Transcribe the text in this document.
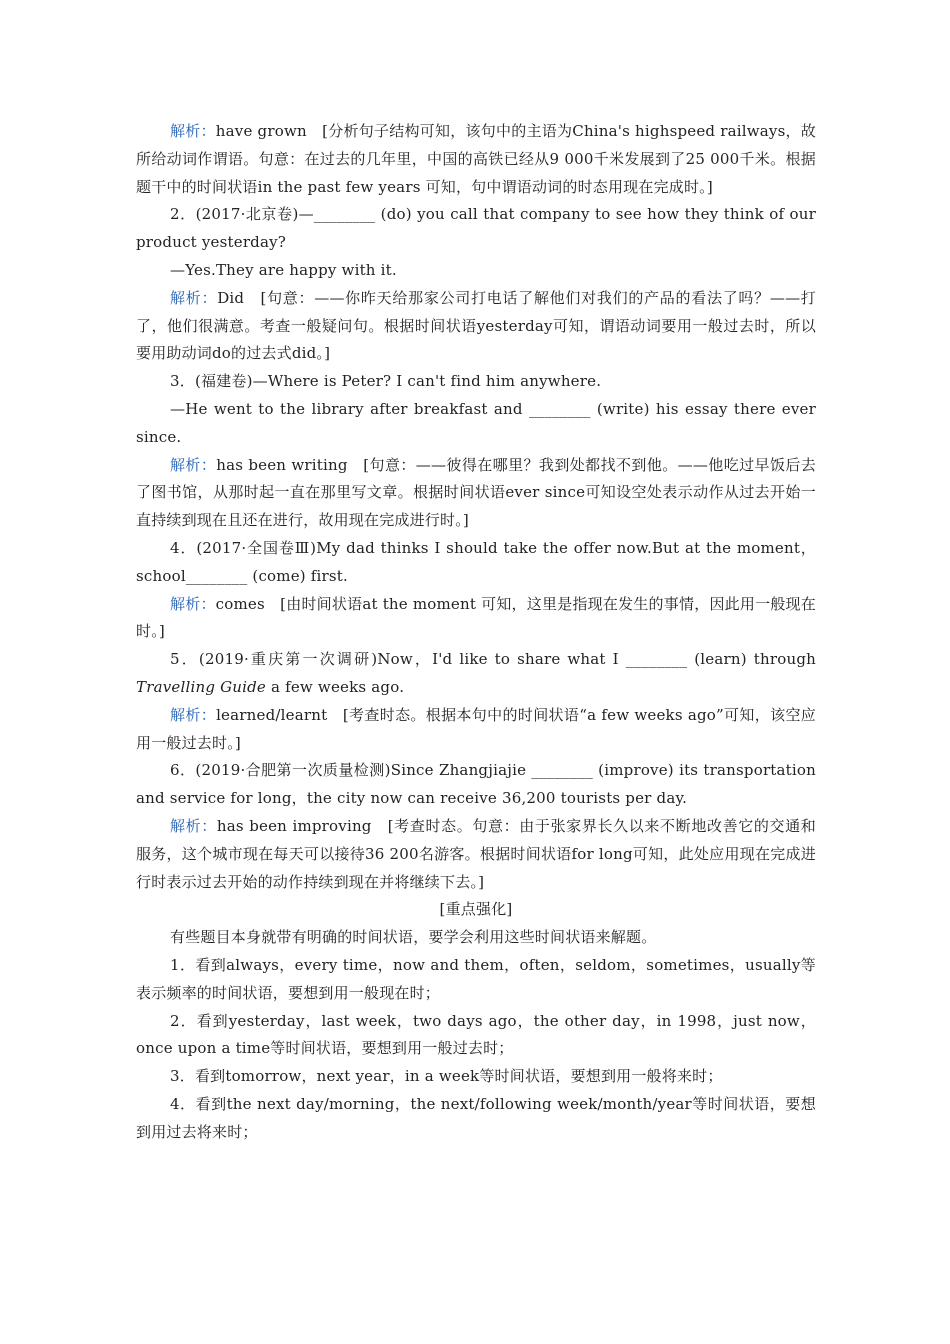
解析：have grown　[分析句子结构可知，该句中的主语为China's highspeed railways，故所给动词作谓语。句意：在过去的几年里，中国的高铁已经从9 000千米发展到了25 000千米。根据题干中的时间状语in the past few years 可知，句中谓语动词的时态用现在完成时。]

2．(2017·北京卷)—________ (do) you call that company to see how they think of our product yesterday?

—Yes.They are happy with it.

解析：Did　[句意：——你昨天给那家公司打电话了解他们对我们的产品的看法了吗？——打了，他们很满意。考查一般疑问句。根据时间状语yesterday可知，谓语动词要用一般过去时，所以要用助动词do的过去式did。]

3．(福建卷)—Where is Peter? I can't find him anywhere.

—He went to the library after breakfast and ________ (write) his essay there ever since.

解析：has been writing　[句意：——彼得在哪里？我到处都找不到他。——他吃过早饭后去了图书馆，从那时起一直在那里写文章。根据时间状语ever since可知设空处表示动作从过去开始一直持续到现在且还在进行，故用现在完成进行时。]

4．(2017·全国卷Ⅲ)My dad thinks I should take the offer now.But at the moment，school________ (come) first.

解析：comes　[由时间状语at the moment 可知，这里是指现在发生的事情，因此用一般现在时。]

5．(2019·重庆第一次调研)Now，I'd like to share what I ________ (learn) through Travelling Guide a few weeks ago.

解析：learned/learnt　[考查时态。根据本句中的时间状语“a few weeks ago”可知，该空应用一般过去时。]

6．(2019·合肥第一次质量检测)Since Zhangjiajie ________ (improve) its transportation and service for long，the city now can receive 36,200 tourists per day.

解析：has been improving　[考查时态。句意：由于张家界长久以来不断地改善它的交通和服务，这个城市现在每天可以接待36 200名游客。根据时间状语for long可知，此处应用现在完成进行时表示过去开始的动作持续到现在并将继续下去。]

[重点强化]

有些题目本身就带有明确的时间状语，要学会利用这些时间状语来解题。

1．看到always，every time，now and them，often，seldom，sometimes，usually等表示频率的时间状语，要想到用一般现在时；

2．看到yesterday，last week，two days ago，the other day，in 1998，just now，once upon a time等时间状语，要想到用一般过去时；

3．看到tomorrow，next year，in a week等时间状语，要想到用一般将来时；

4．看到the next day/morning，the next/following week/month/year等时间状语，要想到用过去将来时；
